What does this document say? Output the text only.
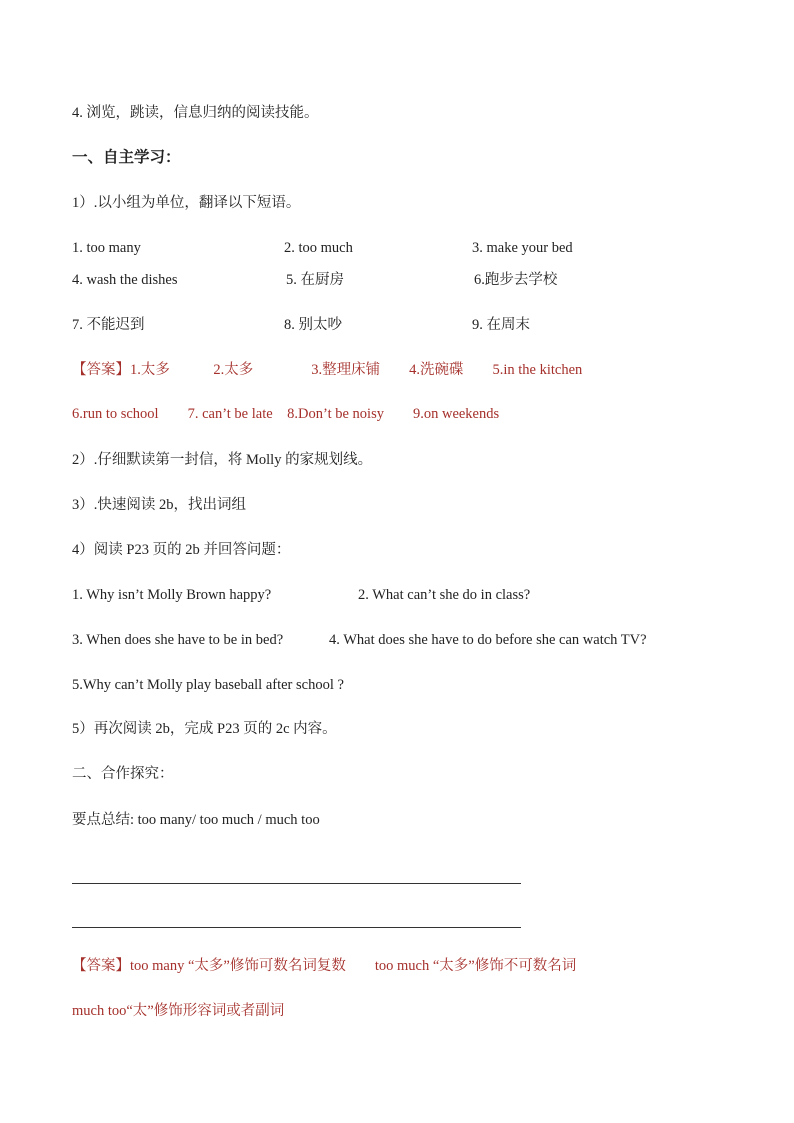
4. 浏览，跳读，信息归纳的阅读技能。
一、自主学习：
1）.以小组为单位，翻译以下短语。
1. too many	2. too much	3. make your bed
4. wash the dishes	5. 在厨房	6.跑步去学校
7. 不能迟到	8. 别太吵	9. 在周末
【答案】1.太多　　　2.太多　　　　3.整理床铺　　4.洗碗碟　　5.in the kitchen
6.run to school　　7. can’t be late　8.Don’t be noisy　　9.on weekends
2）.仔细默读第一封信，将 Molly 的家规划线。
3）.快速阅读 2b，找出词组
4）阅读 P23 页的 2b 并回答问题：
1. Why isn’t Molly Brown happy?	2. What can’t she do in class?
3. When does she have to be in bed?	4. What does she have to do before she can watch TV?
5.Why can’t Molly play baseball after school ?
5）再次阅读 2b，完成 P23 页的 2c 内容。
二、合作探究：
要点总结: too many/ too much / much too
【答案】too many “太多”修饰可数名词复数　　too much “太多”修饰不可数名词
much too“太”修饰形容词或者副词
